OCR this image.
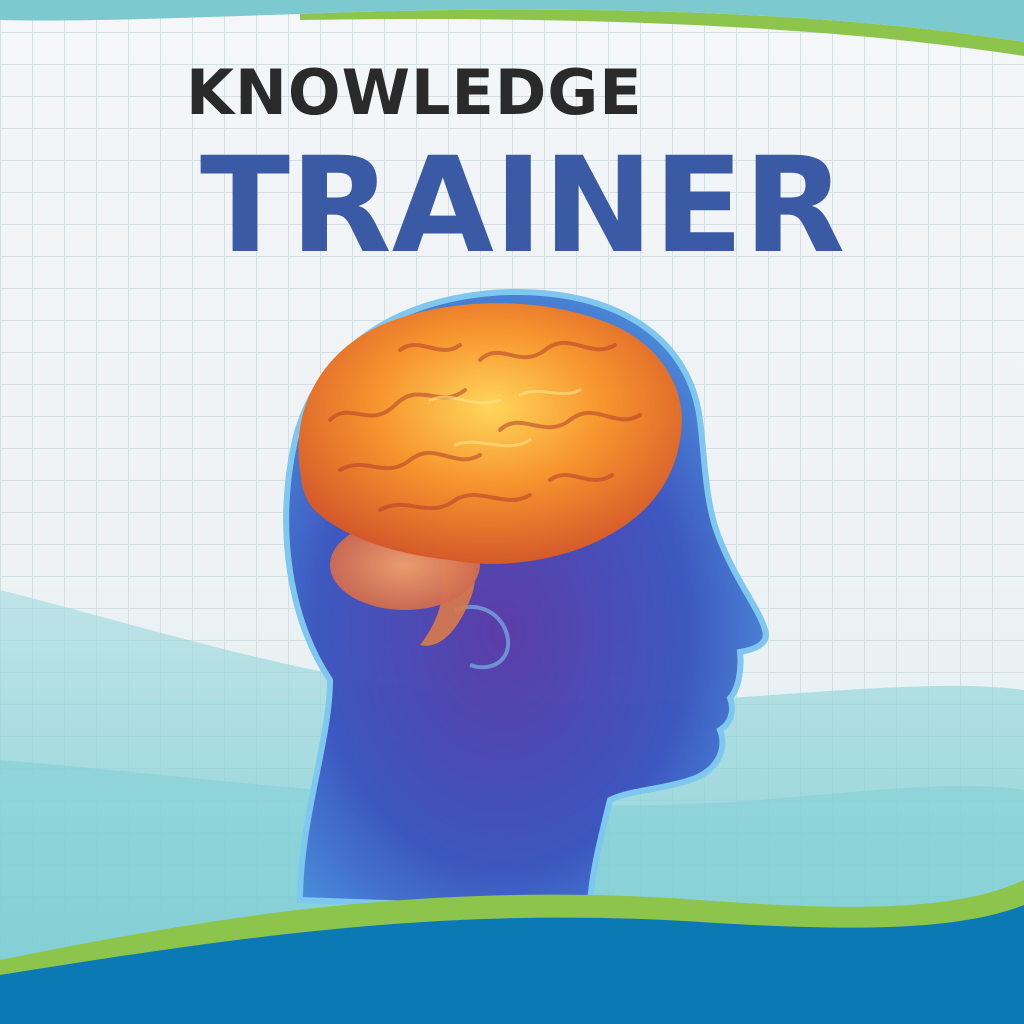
KNOWLEDGE
TRAINER
